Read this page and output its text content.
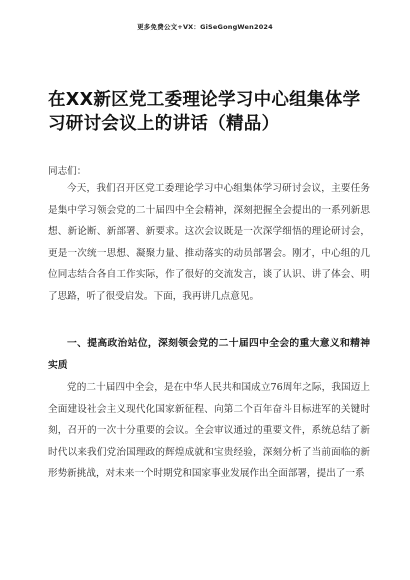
更多免费公文+VX：GiSeGongWen2024
在XX新区党工委理论学习中心组集体学习研讨会议上的讲话（精品）
同志们：
今天，我们召开区党工委理论学习中心组集体学习研讨会议，主要任务是集中学习领会党的二十届四中全会精神，深刻把握全会提出的一系列新思想、新论断、新部署、新要求。这次会议既是一次深学细悟的理论研讨会，更是一次统一思想、凝聚力量、推动落实的动员部署会。刚才，中心组的几位同志结合各自工作实际，作了很好的交流发言，谈了认识、讲了体会、明了思路，听了很受启发。下面，我再讲几点意见。
一、提高政治站位，深刻领会党的二十届四中全会的重大意义和精神实质
党的二十届四中全会，是在中华人民共和国成立76周年之际，我国迈上全面建设社会主义现代化国家新征程、向第二个百年奋斗目标进军的关键时刻，召开的一次十分重要的会议。全会审议通过的重要文件，系统总结了新时代以来我们党治国理政的辉煌成就和宝贵经验，深刻分析了当前面临的新形势新挑战，对未来一个时期党和国家事业发展作出全面部署，提出了一系
